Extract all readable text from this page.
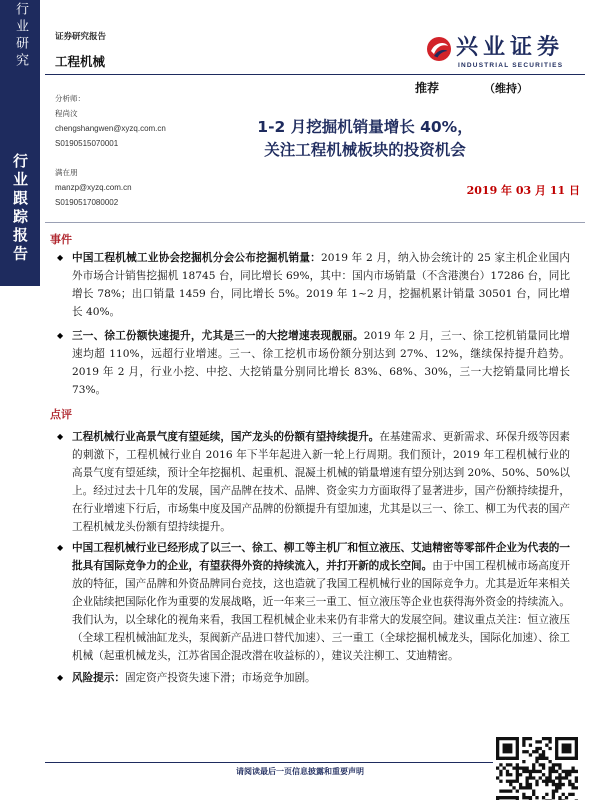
行业研究
行业跟踪报告
证券研究报告
工程机械
兴业证券
INDUSTRIAL SECURITIES
推荐	（维持）
分析师：
程尚汶
chengshangwen@xyzq.com.cn
S0190515070001
满在朋
manzp@xyzq.com.cn
S0190517080002
1-2 月挖掘机销量增长 40%，
关注工程机械板块的投资机会
2019 年 03 月 11 日
事件
◆ 中国工程机械工业协会挖掘机分会公布挖掘机销量：2019 年 2 月，纳入协会统计的 25 家主机企业国内外市场合计销售挖掘机 18745 台，同比增长 69%，其中：国内市场销量（不含港澳台）17286 台，同比增长 78%；出口销量 1459 台，同比增长 5%。2019 年 1~2 月，挖掘机累计销量 30501 台，同比增长 40%。
◆ 三一、徐工份额快速提升，尤其是三一的大挖增速表现靓丽。2019 年 2 月，三一、徐工挖机销量同比增速均超 110%，远超行业增速。三一、徐工挖机市场份额分别达到 27%、12%，继续保持提升趋势。2019 年 2 月，行业小挖、中挖、大挖销量分别同比增长 83%、68%、30%，三一大挖销量同比增长 73%。
点评
◆ 工程机械行业高景气度有望延续，国产龙头的份额有望持续提升。在基建需求、更新需求、环保升级等因素的刺激下，工程机械行业自 2016 年下半年起进入新一轮上行周期。我们预计，2019 年工程机械行业的高景气度有望延续，预计全年挖掘机、起重机、混凝土机械的销量增速有望分别达到 20%、50%、50%以上。经过过去十几年的发展，国产品牌在技术、品牌、资金实力方面取得了显著进步，国产份额持续提升，在行业增速下行后，市场集中度及国产品牌的份额提升有望加速，尤其是以三一、徐工、柳工为代表的国产工程机械龙头份额有望持续提升。
◆ 中国工程机械行业已经形成了以三一、徐工、柳工等主机厂和恒立液压、艾迪精密等零部件企业为代表的一批具有国际竞争力的企业，有望获得外资的持续流入，并打开新的成长空间。由于中国工程机械市场高度开放的特征，国产品牌和外资品牌同台竞技，这也造就了我国工程机械行业的国际竞争力。尤其是近年来相关企业陆续把国际化作为重要的发展战略，近一年来三一重工、恒立液压等企业也获得海外资金的持续流入。我们认为，以全球化的视角来看，我国工程机械企业未来仍有非常大的发展空间。建议重点关注：恒立液压（全球工程机械油缸龙头，泵阀新产品进口替代加速）、三一重工（全球挖掘机械龙头，国际化加速）、徐工机械（起重机械龙头，江苏省国企混改潜在收益标的），建议关注柳工、艾迪精密。
◆ 风险提示：固定资产投资失速下滑；市场竞争加剧。
请阅读最后一页信息披露和重要声明
